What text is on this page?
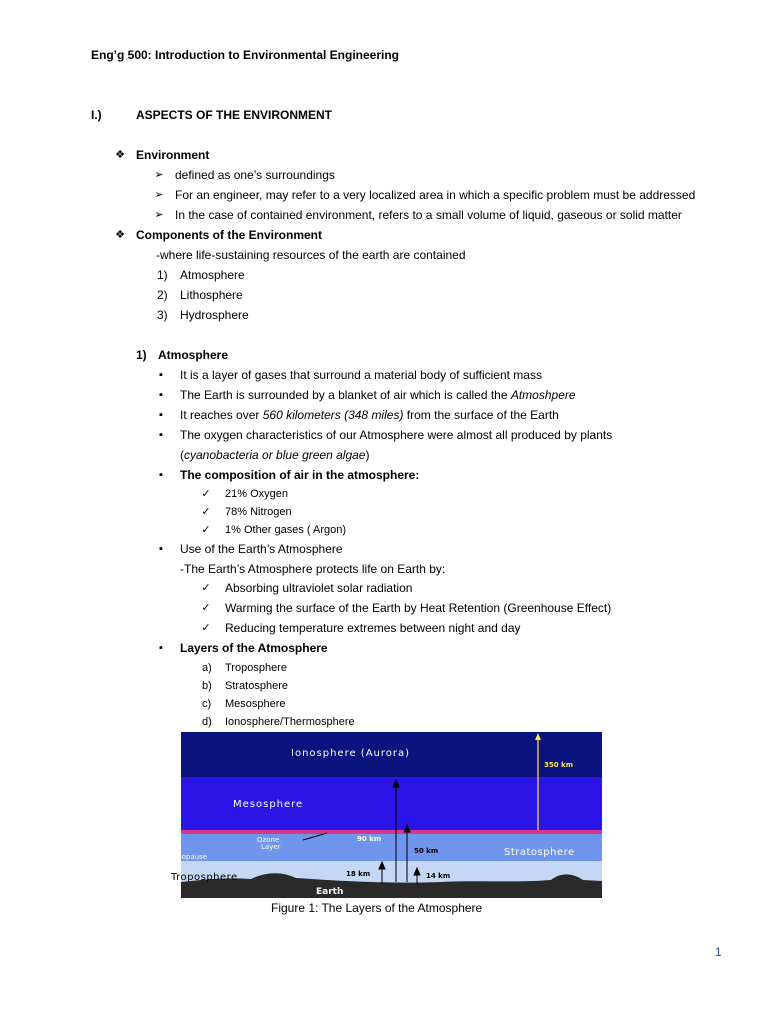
Eng’g 500: Introduction to Environmental Engineering
I.)	ASPECTS OF THE ENVIRONMENT
❖ Environment
➢ defined as one’s surroundings
➢ For an engineer, may refer to a very localized area in which a specific problem must be addressed
➢ In the case of contained environment, refers to a small volume of liquid, gaseous or solid matter
❖ Components of the Environment
-where life-sustaining resources of the earth are contained
1) Atmosphere
2) Lithosphere
3) Hydrosphere
1) Atmosphere
▪	It is a layer of gases that surround a material body of sufficient mass
▪	The Earth is surrounded by a blanket of air which is called the Atmoshpere
▪	It reaches over 560 kilometers (348 miles) from the surface of the Earth
▪	The oxygen characteristics of our Atmosphere were almost all produced by plants
(cyanobacteria or blue green algae)
▪	The composition of air in the atmosphere:
✓ 21% Oxygen
✓ 78% Nitrogen
✓ 1% Other gases ( Argon)
▪	Use of the Earth’s Atmosphere
-The Earth’s Atmosphere protects life on Earth by:
✓ Absorbing ultraviolet solar radiation
✓ Warming the surface of the Earth by Heat Retention (Greenhouse Effect)
✓ Reducing temperature extremes between night and day
▪	Layers of the Atmosphere
a) Troposphere
b) Stratosphere
c) Mesosphere
d) Ionosphere/Thermosphere
Ionosphere (Aurora)
Mesosphere
Stratosphere
Troposphere
Earth
Ozone
Layer
Tropopause
350 km
90 km
50 km
18 km	14 km
Figure 1: The Layers of the Atmosphere
1
